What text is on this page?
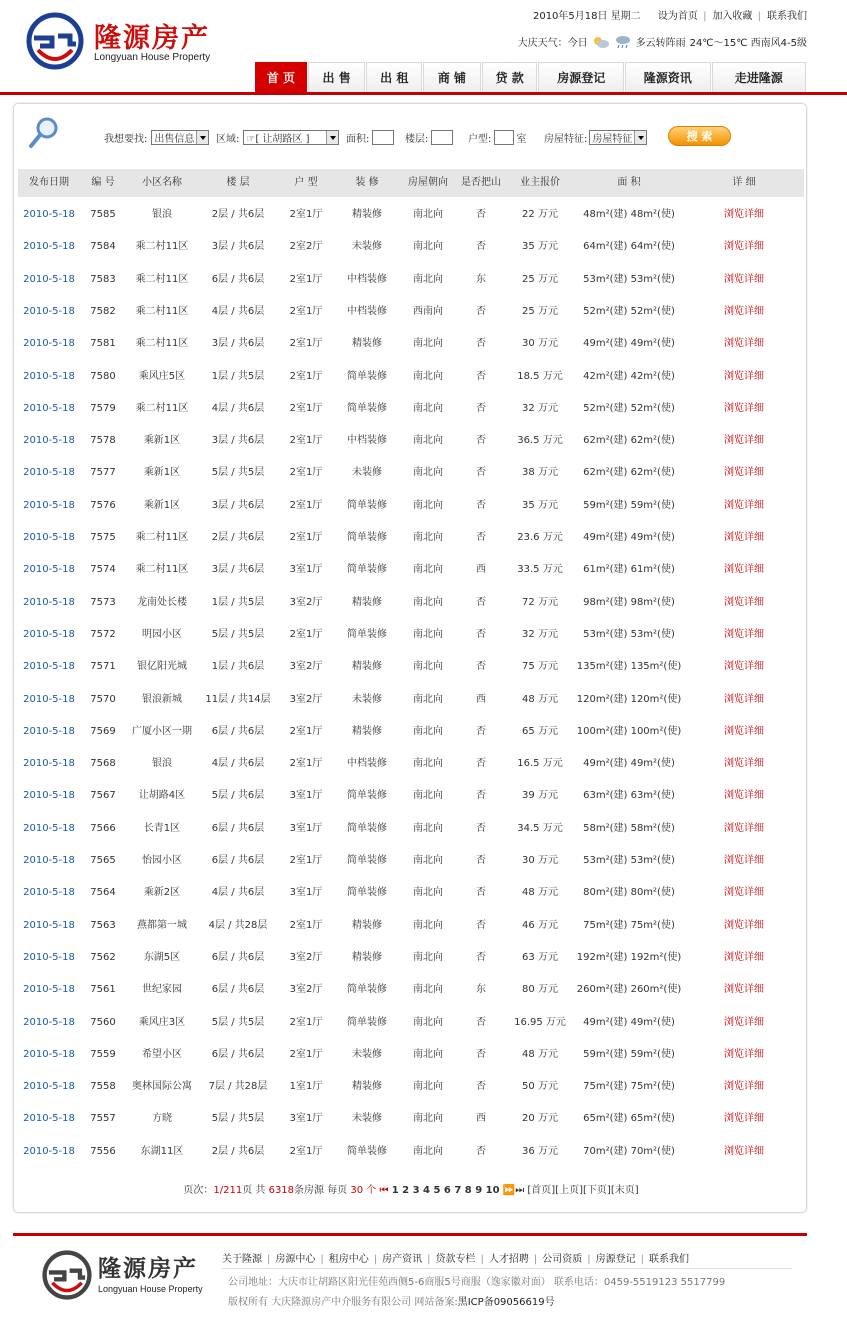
隆源房产
Longyuan House Property
2010年5月18日 星期二 设为首页 | 加入收藏 | 联系我们
大庆天气：今日	多云转阵雨 24℃～15℃ 西南风4-5级
首 页	出 售	出 租	商 铺	贷 款	房源登记	隆源资讯	走进隆源
我想要找: 出售信息 区域: ☞[ 让胡路区 ]	面积:	楼层:	户型:	室 房屋特征: 房屋特征	搜 索
发布日期	编 号	小区名称	楼 层	户 型	装 修	房屋朝向	是否把山	业主报价	面 积	详 细
2010-5-18	7585	银浪	2层 / 共6层	2室1厅	精装修	南北向	否	22 万元	48m²(建) 48m²(使)	浏览详细
2010-5-18	7584	乘二村11区	3层 / 共6层	2室2厅	未装修	南北向	否	35 万元	64m²(建) 64m²(使)	浏览详细
2010-5-18	7583	乘二村11区	6层 / 共6层	2室1厅	中档装修	南北向	东	25 万元	53m²(建) 53m²(使)	浏览详细
2010-5-18	7582	乘二村11区	4层 / 共6层	2室1厅	中档装修	西南向	否	25 万元	52m²(建) 52m²(使)	浏览详细
2010-5-18	7581	乘二村11区	3层 / 共6层	2室1厅	精装修	南北向	否	30 万元	49m²(建) 49m²(使)	浏览详细
2010-5-18	7580	乘风庄5区	1层 / 共5层	2室1厅	简单装修	南北向	否	18.5 万元	42m²(建) 42m²(使)	浏览详细
2010-5-18	7579	乘二村11区	4层 / 共6层	2室1厅	简单装修	南北向	否	32 万元	52m²(建) 52m²(使)	浏览详细
2010-5-18	7578	乘新1区	3层 / 共6层	2室1厅	中档装修	南北向	否	36.5 万元	62m²(建) 62m²(使)	浏览详细
2010-5-18	7577	乘新1区	5层 / 共5层	2室1厅	未装修	南北向	否	38 万元	62m²(建) 62m²(使)	浏览详细
2010-5-18	7576	乘新1区	3层 / 共6层	2室1厅	简单装修	南北向	否	35 万元	59m²(建) 59m²(使)	浏览详细
2010-5-18	7575	乘二村11区	2层 / 共6层	2室1厅	简单装修	南北向	否	23.6 万元	49m²(建) 49m²(使)	浏览详细
2010-5-18	7574	乘二村11区	3层 / 共6层	3室1厅	简单装修	南北向	西	33.5 万元	61m²(建) 61m²(使)	浏览详细
2010-5-18	7573	龙南处长楼	1层 / 共5层	3室2厅	精装修	南北向	否	72 万元	98m²(建) 98m²(使)	浏览详细
2010-5-18	7572	明园小区	5层 / 共5层	2室1厅	简单装修	南北向	否	32 万元	53m²(建) 53m²(使)	浏览详细
2010-5-18	7571	银亿阳光城	1层 / 共6层	3室2厅	精装修	南北向	否	75 万元	135m²(建) 135m²(使)	浏览详细
2010-5-18	7570	银浪新城	11层 / 共14层	3室2厅	未装修	南北向	西	48 万元	120m²(建) 120m²(使)	浏览详细
2010-5-18	7569	广厦小区一期	6层 / 共6层	2室1厅	精装修	南北向	否	65 万元	100m²(建) 100m²(使)	浏览详细
2010-5-18	7568	银浪	4层 / 共6层	2室1厅	中档装修	南北向	否	16.5 万元	49m²(建) 49m²(使)	浏览详细
2010-5-18	7567	让胡路4区	5层 / 共6层	3室1厅	简单装修	南北向	否	39 万元	63m²(建) 63m²(使)	浏览详细
2010-5-18	7566	长青1区	6层 / 共6层	3室1厅	简单装修	南北向	否	34.5 万元	58m²(建) 58m²(使)	浏览详细
2010-5-18	7565	怡园小区	6层 / 共6层	2室1厅	简单装修	南北向	否	30 万元	53m²(建) 53m²(使)	浏览详细
2010-5-18	7564	乘新2区	4层 / 共6层	3室1厅	简单装修	南北向	否	48 万元	80m²(建) 80m²(使)	浏览详细
2010-5-18	7563	燕都第一城	4层 / 共28层	2室1厅	精装修	南北向	否	46 万元	75m²(建) 75m²(使)	浏览详细
2010-5-18	7562	东湖5区	6层 / 共6层	3室2厅	精装修	南北向	否	63 万元	192m²(建) 192m²(使)	浏览详细
2010-5-18	7561	世纪家园	6层 / 共6层	3室2厅	简单装修	南北向	东	80 万元	260m²(建) 260m²(使)	浏览详细
2010-5-18	7560	乘风庄3区	5层 / 共5层	2室1厅	简单装修	南北向	否	16.95 万元	49m²(建) 49m²(使)	浏览详细
2010-5-18	7559	希望小区	6层 / 共6层	2室1厅	未装修	南北向	否	48 万元	59m²(建) 59m²(使)	浏览详细
2010-5-18	7558	奥林国际公寓	7层 / 共28层	1室1厅	精装修	南北向	否	50 万元	75m²(建) 75m²(使)	浏览详细
2010-5-18	7557	方晓	5层 / 共5层	3室1厅	未装修	南北向	西	20 万元	65m²(建) 65m²(使)	浏览详细
2010-5-18	7556	东湖11区	2层 / 共6层	2室1厅	简单装修	南北向	否	36 万元	70m²(建) 70m²(使)	浏览详细
页次：1/211页 共 6318条房源 每页 30 个 ⏮ 1 2 3 4 5 6 7 8 9 10 ⏩⏭ [首页][上页][下页][末页]
隆源房产
Longyuan House Property
关于隆源 | 房源中心 | 租房中心 | 房产资讯 | 贷款专栏 | 人才招聘 | 公司资质 | 房源登记 | 联系我们
公司地址：大庆市让胡路区阳光佳苑西侧5-6商服5号商服（逸家徽对面） 联系电话：0459-5519123 5517799
版权所有 大庆隆源房产中介服务有限公司 网站备案:黑ICP备09056619号
